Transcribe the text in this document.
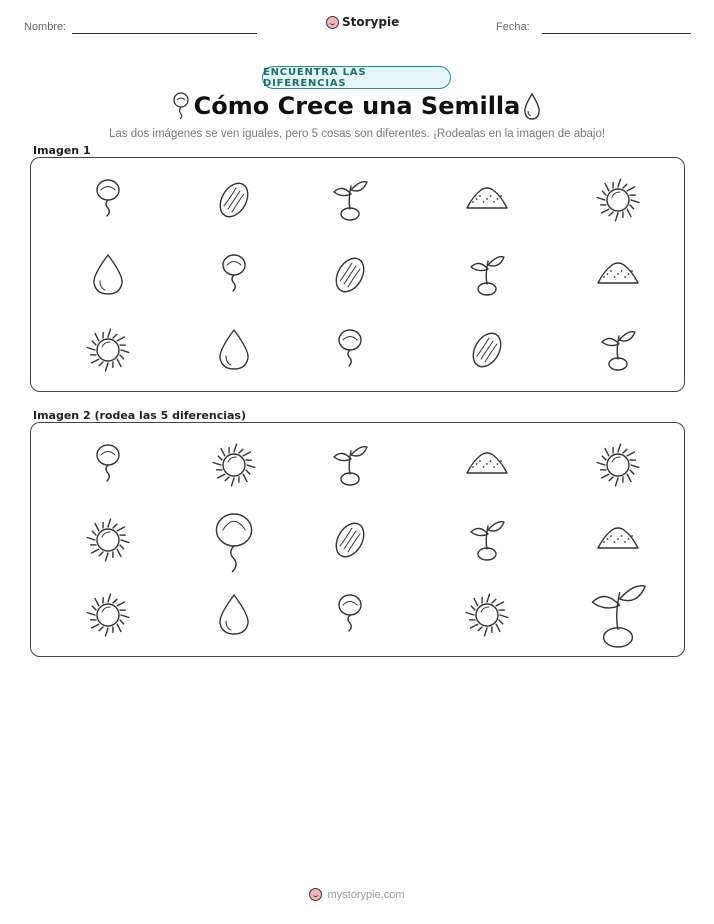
Nombre:	Storypie	Fecha:
ENCUENTRA LAS DIFERENCIAS
Cómo Crece una Semilla
Las dos imágenes se ven iguales, pero 5 cosas son diferentes. ¡Rodealas en la imagen de abajo!
Imagen 1
Imagen 2 (rodea las 5 diferencias)
mystorypie.com
